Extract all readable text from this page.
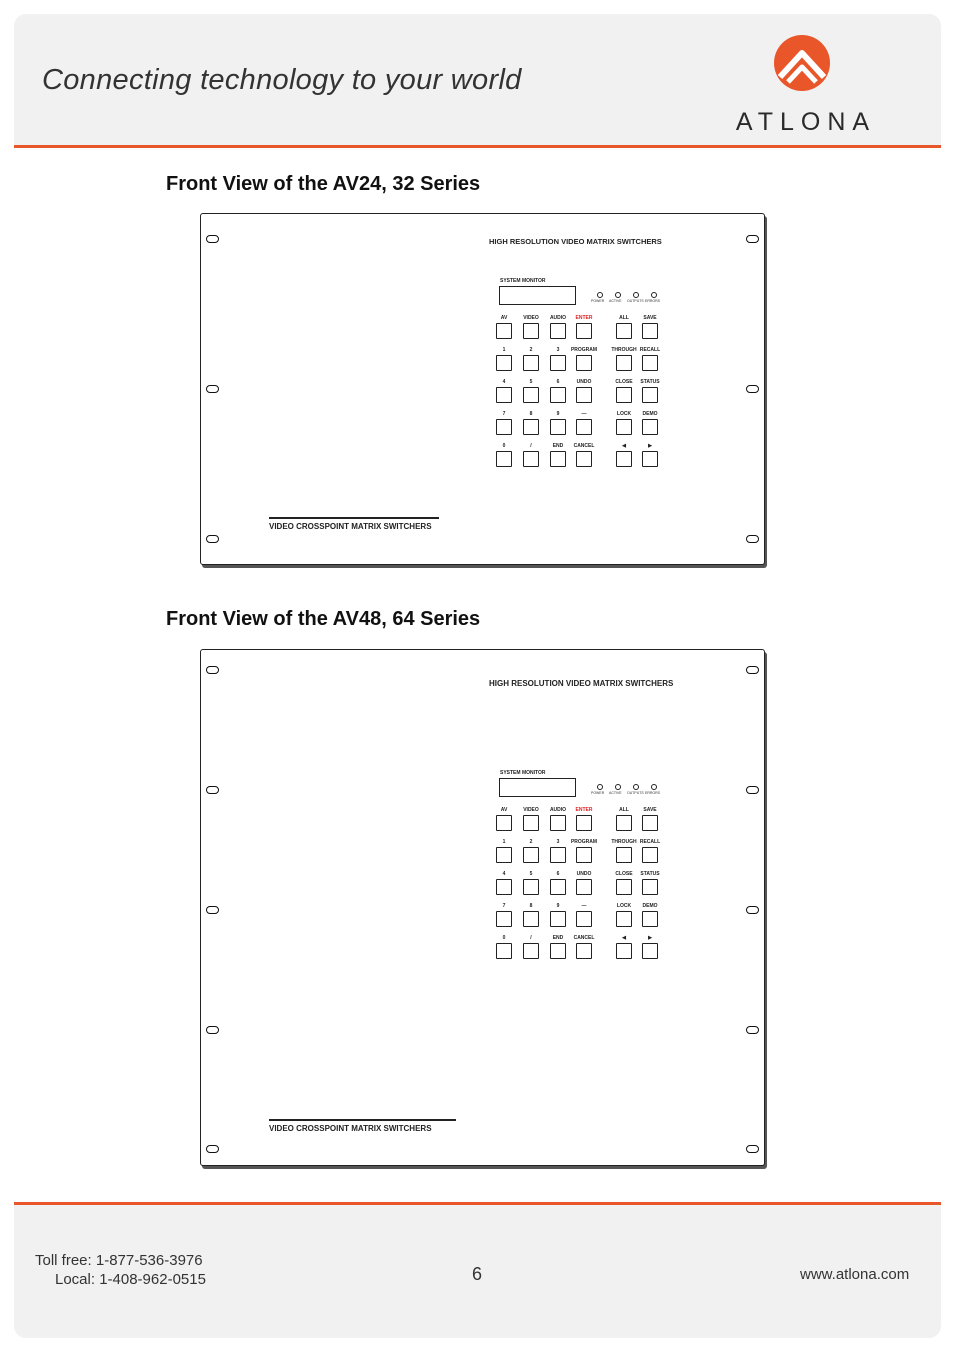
Connecting technology to your world
ATLONA
Front View of the AV24, 32 Series
HIGH RESOLUTION VIDEO MATRIX SWITCHERS
SYSTEM MONITOR
POWER ACTIVE OUTPUTS ERRORS
AV	VIDEO	AUDIO	ENTER	ALL	SAVE
1	2	3	PROGRAM	THROUGH RECALL
4	5	6	UNDO	CLOSE	STATUS
7	8	9	—	LOCK	DEMO
0	/	END	CANCEL	◀	▶
VIDEO CROSSPOINT MATRIX SWITCHERS
Front View of the AV48, 64 Series
HIGH RESOLUTION VIDEO MATRIX SWITCHERS
SYSTEM MONITOR
POWER ACTIVE OUTPUTS ERRORS
AV	VIDEO	AUDIO	ENTER	ALL	SAVE
1	2	3	PROGRAM	THROUGH RECALL
4	5	6	UNDO	CLOSE	STATUS
7	8	9	—	LOCK	DEMO
0	/	END	CANCEL	◀	▶
VIDEO CROSSPOINT MATRIX SWITCHERS
Toll free: 1-877-536-3976
Local: 1-408-962-0515	6	www.atlona.com
